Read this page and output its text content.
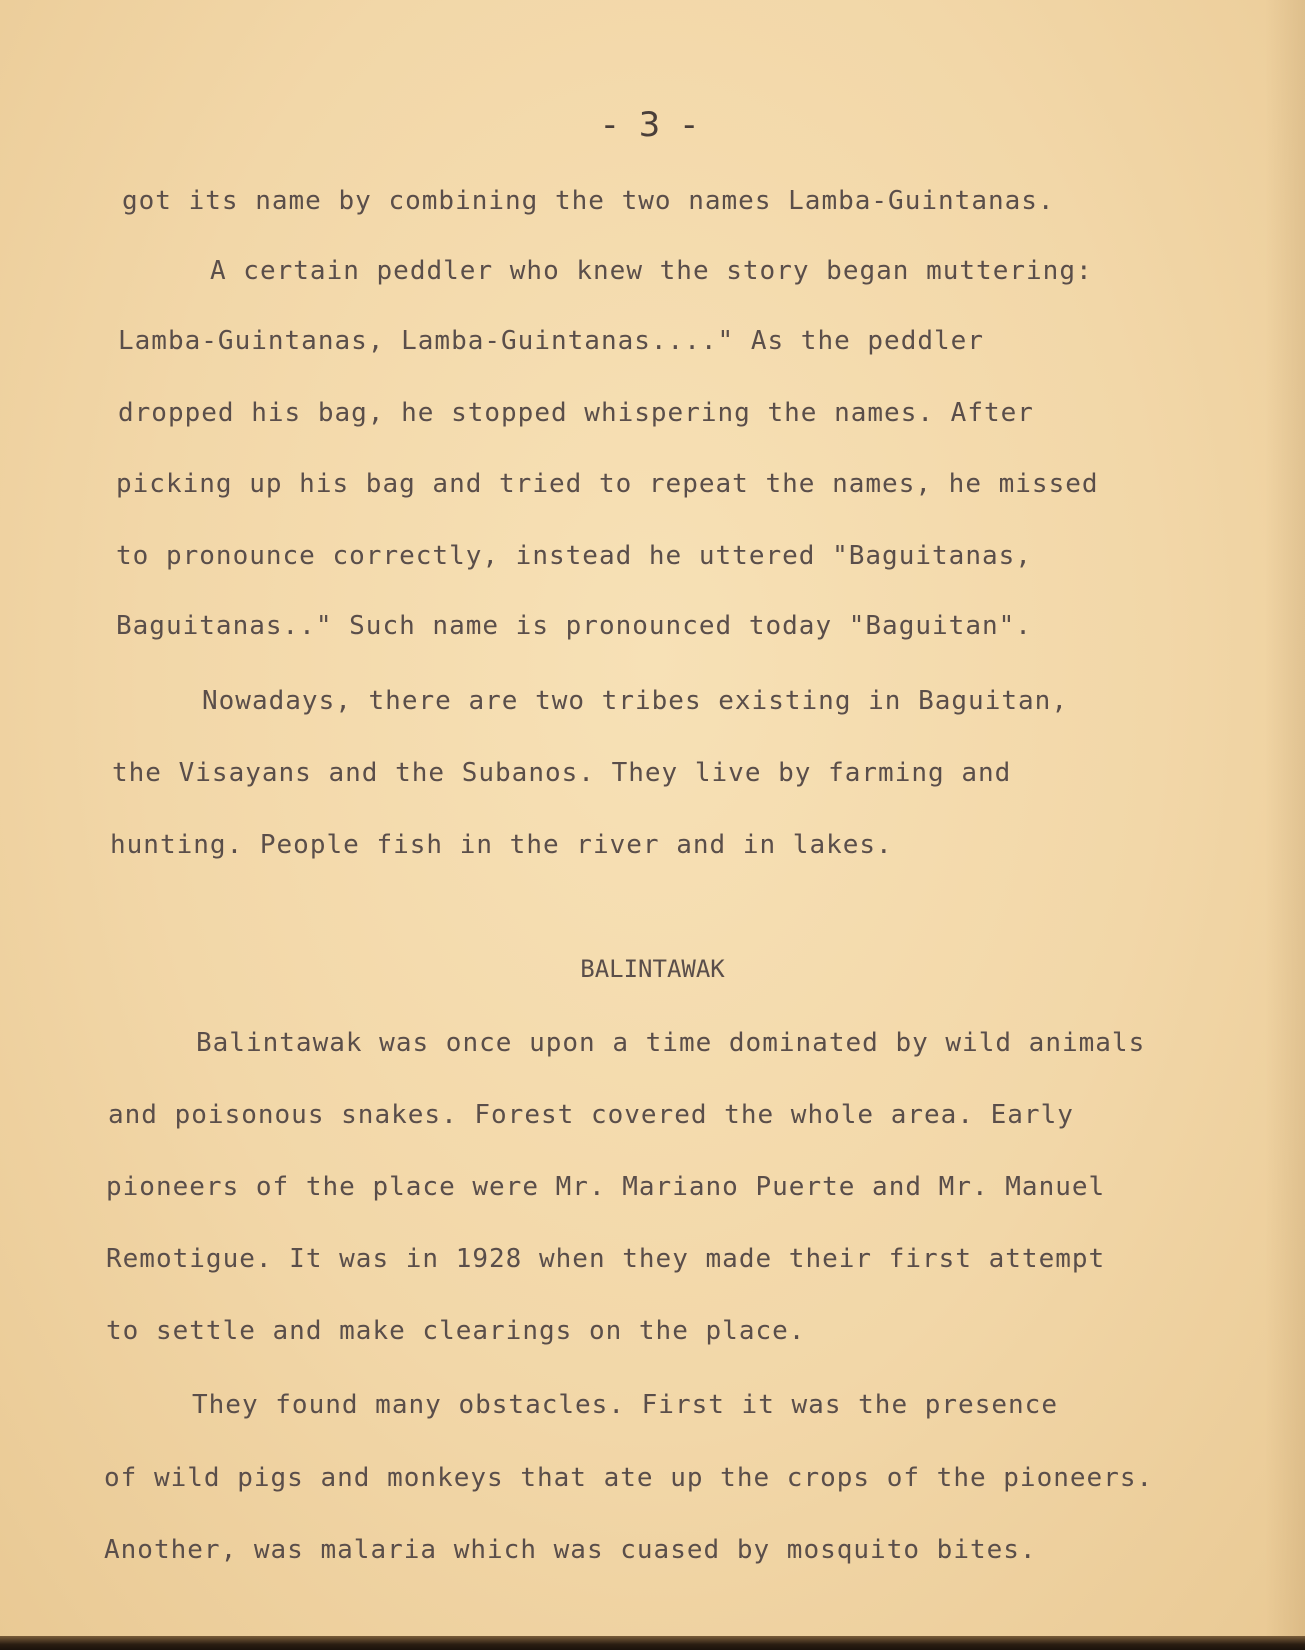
- 3 -
got its name by combining the two names Lamba-Guintanas.
A certain peddler who knew the story began muttering:
Lamba-Guintanas, Lamba-Guintanas...." As the peddler
dropped his bag, he stopped whispering the names. After
picking up his bag and tried to repeat the names, he missed
to pronounce correctly, instead he uttered "Baguitanas,
Baguitanas.." Such name is pronounced today "Baguitan".
Nowadays, there are two tribes existing in Baguitan,
the Visayans and the Subanos. They live by farming and
hunting. People fish in the river and in lakes.
BALINTAWAK
Balintawak was once upon a time dominated by wild animals
and poisonous snakes. Forest covered the whole area. Early
pioneers of the place were Mr. Mariano Puerte and Mr. Manuel
Remotigue. It was in 1928 when they made their first attempt
to settle and make clearings on the place.
They found many obstacles. First it was the presence
of wild pigs and monkeys that ate up the crops of the pioneers.
Another, was malaria which was cuased by mosquito bites.
